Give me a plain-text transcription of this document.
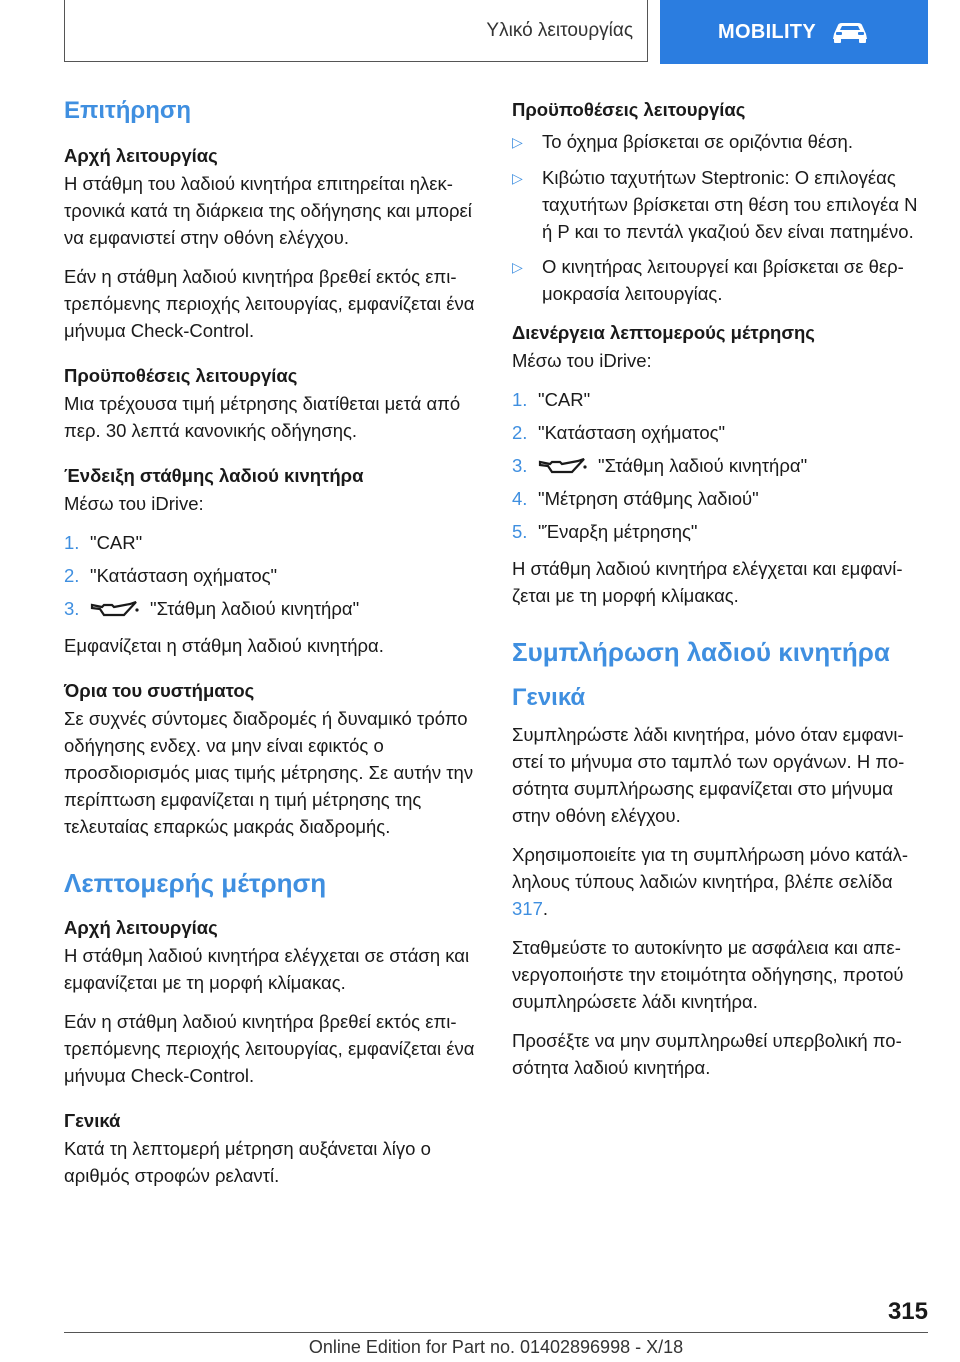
Υλικό λειτουργίας	MOBILITY
Επιτήρηση
Αρχή λειτουργίας

Η στάθμη του λαδιού κινητήρα επιτηρείται ηλεκτρονικά κατά τη διάρκεια της οδήγησης και μπορεί να εμφανιστεί στην οθόνη ελέγχου.

Εάν η στάθμη λαδιού κινητήρα βρεθεί εκτός επιτρεπόμενης περιοχής λειτουργίας, εμφανίζεται ένα μήνυμα Check-Control.

Προϋποθέσεις λειτουργίας

Μια τρέχουσα τιμή μέτρησης διατίθεται μετά από περ. 30 λεπτά κανονικής οδήγησης.

Ένδειξη στάθμης λαδιού κινητήρα

Μέσω του iDrive:

1. "CAR"
2. "Κατάσταση οχήματος"
3.	"Στάθμη λαδιού κινητήρα"

Εμφανίζεται η στάθμη λαδιού κινητήρα.

Όρια του συστήματος

Σε συχνές σύντομες διαδρομές ή δυναμικό τρόπο οδήγησης ενδεχ. να μην είναι εφικτός ο προσδιορισμός μιας τιμής μέτρησης. Σε αυτήν την περίπτωση εμφανίζεται η τιμή μέτρησης της τελευταίας επαρκώς μακράς διαδρομής.

Λεπτομερής μέτρηση
Αρχή λειτουργίας

Η στάθμη λαδιού κινητήρα ελέγχεται σε στάση και εμφανίζεται με τη μορφή κλίμακας.

Εάν η στάθμη λαδιού κινητήρα βρεθεί εκτός επιτρεπόμενης περιοχής λειτουργίας, εμφανίζεται ένα μήνυμα Check-Control.

Γενικά

Κατά τη λεπτομερή μέτρηση αυξάνεται λίγο ο αριθμός στροφών ρελαντί.

Προϋποθέσεις λειτουργίας
▷	Το όχημα βρίσκεται σε οριζόντια θέση.
▷	Κιβώτιο ταχυτήτων Steptronic: Ο επιλογέας ταχυτήτων βρίσκεται στη θέση του επιλογέα N ή P και το πεντάλ γκαζιού δεν είναι πατημένο.
▷	Ο κινητήρας λειτουργεί και βρίσκεται σε θερμοκρασία λειτουργίας.
Διενέργεια λεπτομερούς μέτρησης

Μέσω του iDrive:

1. "CAR"
2. "Κατάσταση οχήματος"
3.	"Στάθμη λαδιού κινητήρα"
4. "Μέτρηση στάθμης λαδιού"
5. "Έναρξη μέτρησης"

Η στάθμη λαδιού κινητήρα ελέγχεται και εμφανίζεται με τη μορφή κλίμακας.

Συμπλήρωση λαδιού κινητήρα
Γενικά

Συμπληρώστε λάδι κινητήρα, μόνο όταν εμφανιστεί το μήνυμα στο ταμπλό των οργάνων. Η ποσότητα συμπλήρωσης εμφανίζεται στο μήνυμα στην οθόνη ελέγχου.

Χρησιμοποιείτε για τη συμπλήρωση μόνο κατάλληλους τύπους λαδιών κινητήρα, βλέπε σελίδα 317.

Σταθμεύστε το αυτοκίνητο με ασφάλεια και απενεργοποιήστε την ετοιμότητα οδήγησης, προτού συμπληρώσετε λάδι κινητήρα.

Προσέξτε να μην συμπληρωθεί υπερβολική ποσότητα λαδιού κινητήρα.

315
Online Edition for Part no. 01402896998 - X/18
